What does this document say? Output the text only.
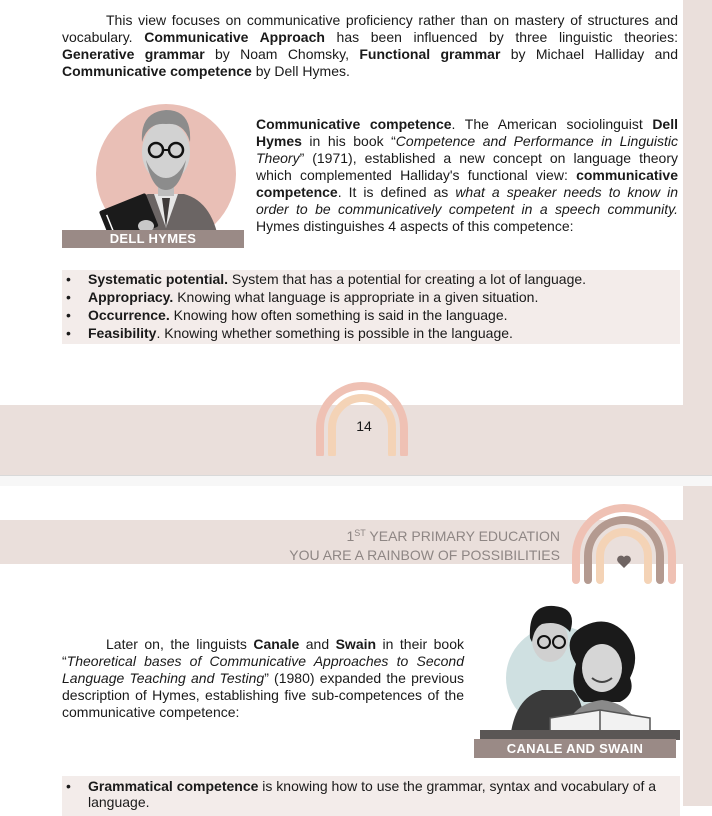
This view focuses on communicative proficiency rather than on mastery of structures and vocabulary. Communicative Approach has been influenced by three linguistic theories: Generative grammar by Noam Chomsky, Functional grammar by Michael Halliday and Communicative competence by Dell Hymes.

DELL HYMES

Communicative competence. The American sociolinguist Dell Hymes in his book “Competence and Performance in Linguistic Theory” (1971), established a new concept on language theory which complemented Halliday's functional view: communicative competence. It is defined as what a speaker needs to know in order to be communicatively competent in a speech community. Hymes distinguishes 4 aspects of this competence:

• Systematic potential. System that has a potential for creating a lot of language.
• Appropriacy. Knowing what language is appropriate in a given situation.
• Occurrence. Knowing how often something is said in the language.
• Feasibility. Knowing whether something is possible in the language.
14
1ST YEAR PRIMARY EDUCATION
YOU ARE A RAINBOW OF POSSIBILITIES

Later on, the linguists Canale and Swain in their book “Theoretical bases of Communicative Approaches to Second Language Teaching and Testing” (1980) expanded the previous description of Hymes, establishing five sub-competences of the communicative competence:

CANALE AND SWAIN
• Grammatical competence is knowing how to use the grammar, syntax and vocabulary of a language.
